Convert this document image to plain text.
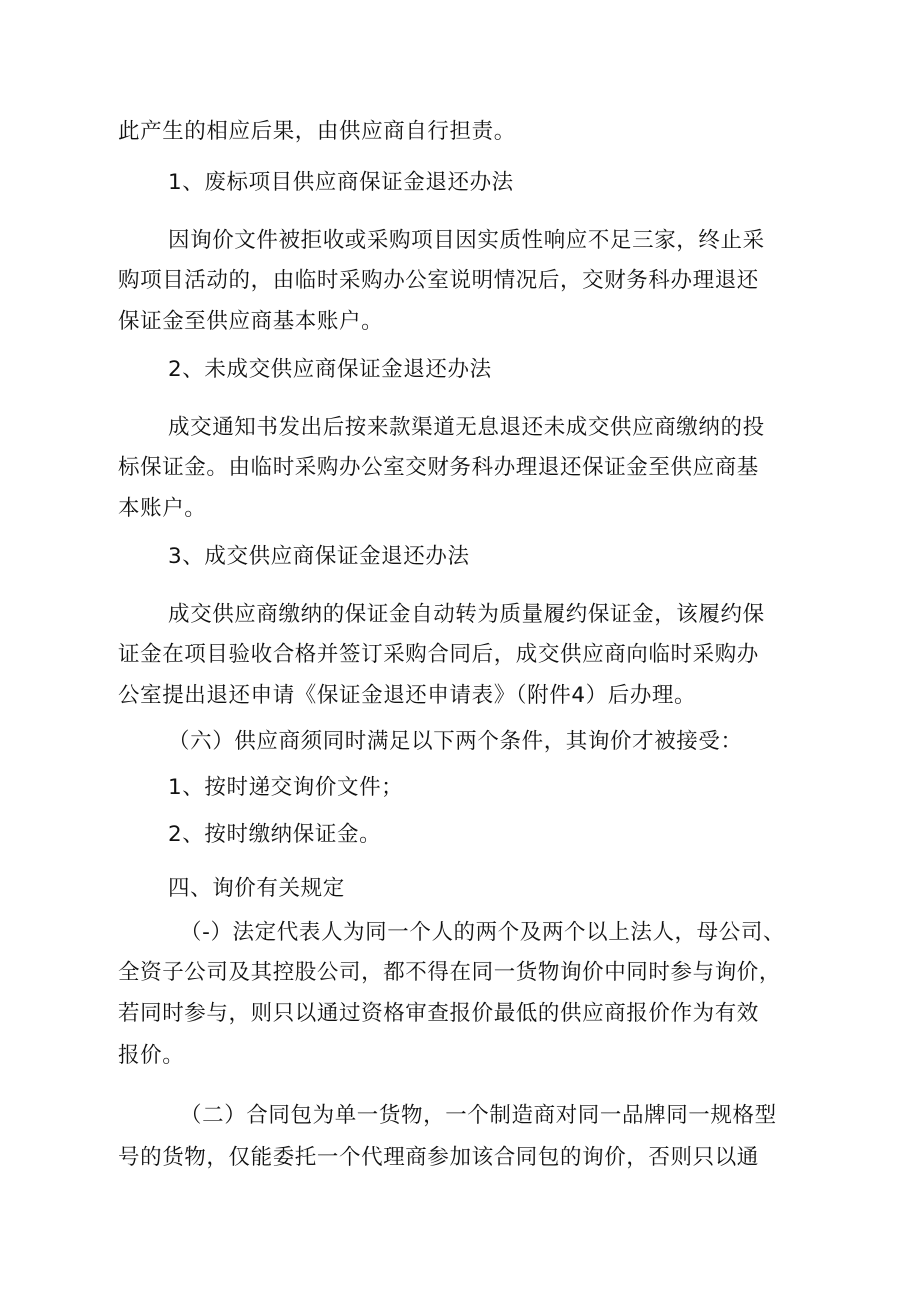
此产生的相应后果，由供应商自行担责。

1、废标项目供应商保证金退还办法

因询价文件被拒收或采购项目因实质性响应不足三家，终止采

购项目活动的，由临时采购办公室说明情况后，交财务科办理退还

保证金至供应商基本账户。

2、未成交供应商保证金退还办法

成交通知书发出后按来款渠道无息退还未成交供应商缴纳的投

标保证金。由临时采购办公室交财务科办理退还保证金至供应商基

本账户。

3、成交供应商保证金退还办法

成交供应商缴纳的保证金自动转为质量履约保证金，该履约保

证金在项目验收合格并签订采购合同后，成交供应商向临时采购办

公室提出退还申请《保证金退还申请表》（附件4）后办理。

（六）供应商须同时满足以下两个条件，其询价才被接受：

1、按时递交询价文件；

2、按时缴纳保证金。

四、询价有关规定

（-）法定代表人为同一个人的两个及两个以上法人，母公司、

全资子公司及其控股公司，都不得在同一货物询价中同时参与询价，

若同时参与，则只以通过资格审查报价最低的供应商报价作为有效

报价。

（二）合同包为单一货物，一个制造商对同一品牌同一规格型

号的货物，仅能委托一个代理商参加该合同包的询价，否则只以通
